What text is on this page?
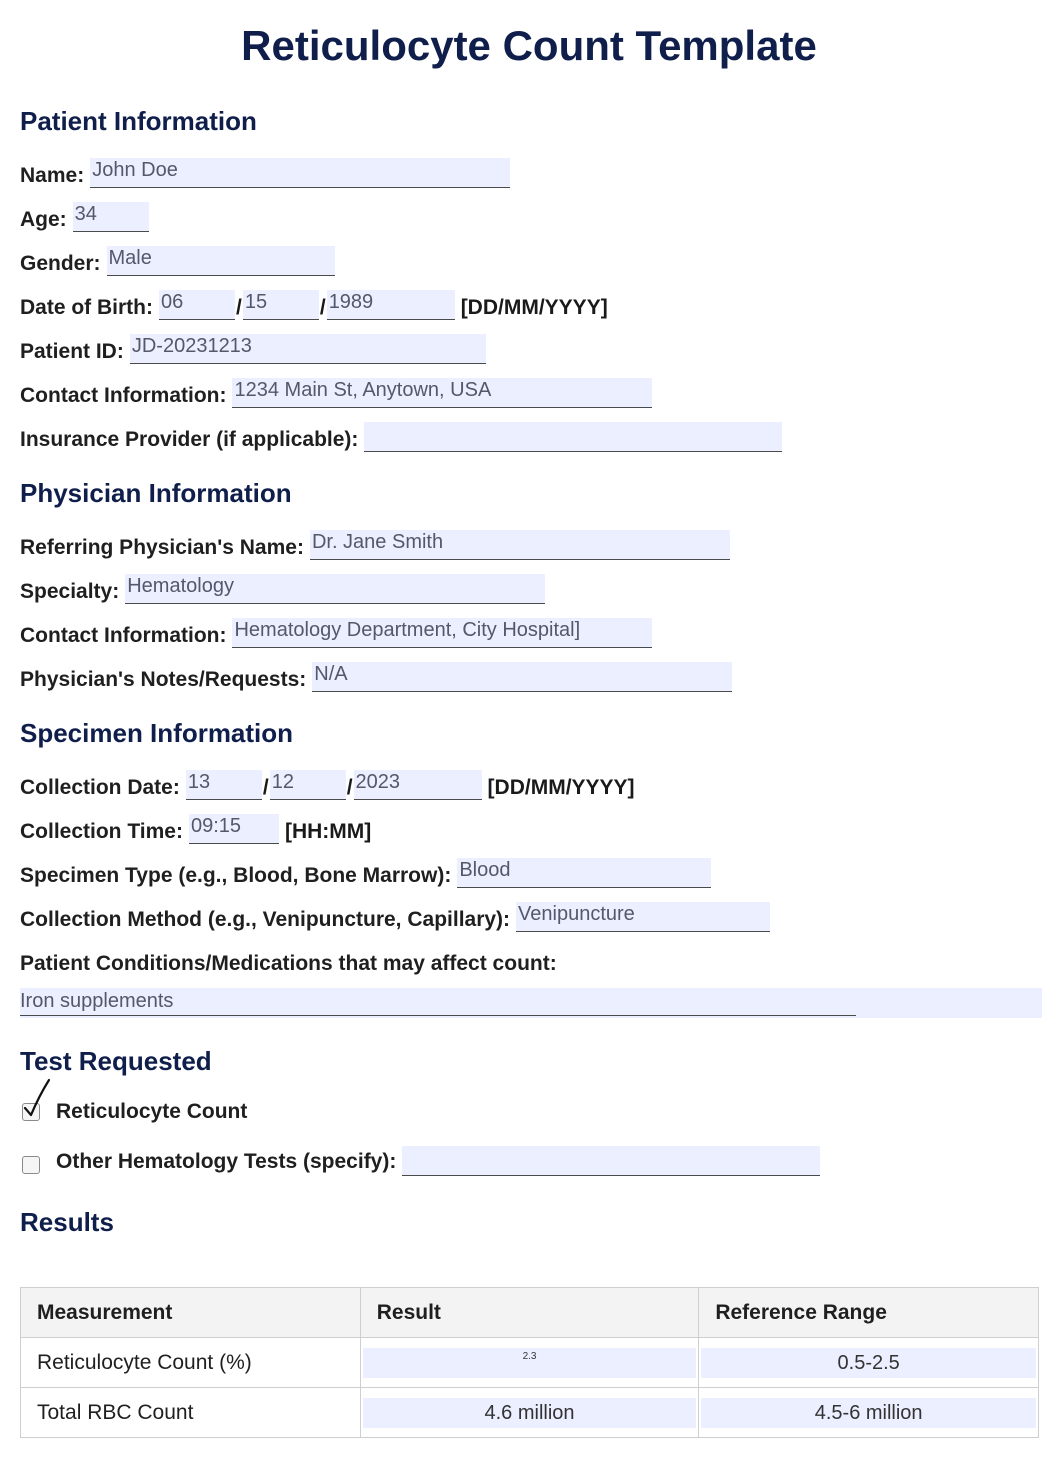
Reticulocyte Count Template
Patient Information
Name: John Doe
Age: 34
Gender: Male
Date of Birth: 06	/ 15	/ 1989	[DD/MM/YYYY]
Patient ID: JD-20231213
Contact Information: 1234 Main St, Anytown, USA
Insurance Provider (if applicable):
Physician Information
Referring Physician's Name: Dr. Jane Smith
Specialty: Hematology
Contact Information: Hematology Department, City Hospital]
Physician's Notes/Requests: N/A
Specimen Information
Collection Date: 13	/ 12	/ 2023	[DD/MM/YYYY]
Collection Time: 09:15	[HH:MM]
Specimen Type (e.g., Blood, Bone Marrow): Blood
Collection Method (e.g., Venipuncture, Capillary): Venipuncture
Patient Conditions/Medications that may affect count:
Iron supplements
Test Requested
Reticulocyte Count
Other Hematology Tests (specify):
Results
Measurement	Result	Reference Range
Reticulocyte Count (%)	$^{2.3}$	0.5-2.5

Total RBC Count	4.6 million	4.5-6 million
